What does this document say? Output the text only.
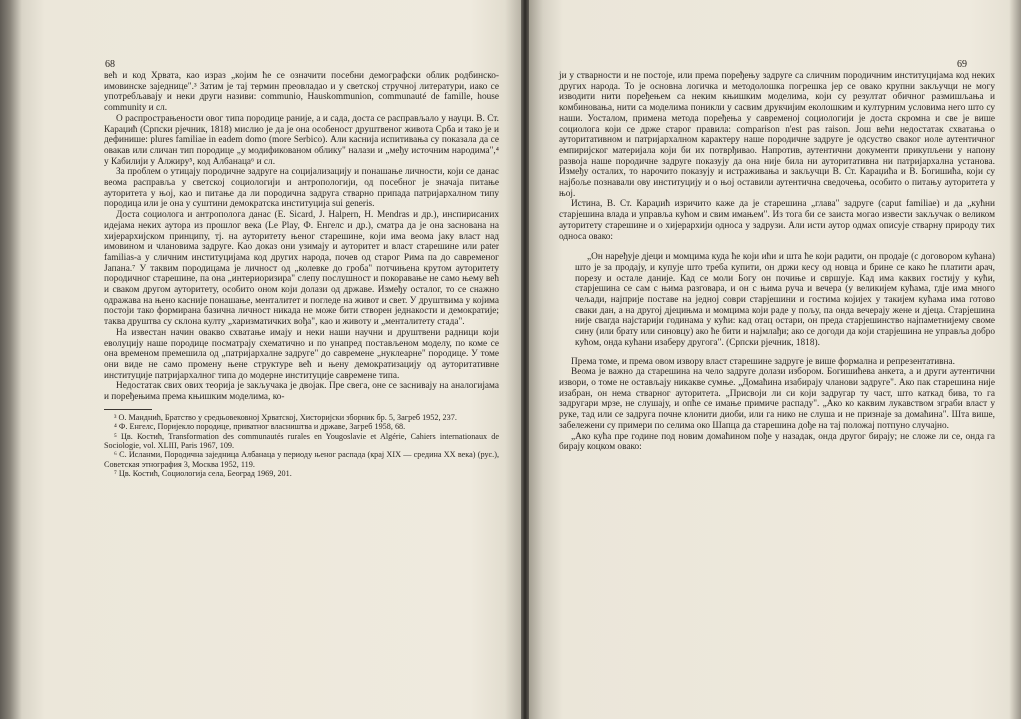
68

већ и код Хрвата, као израз „којим ће се означити посебни демографски облик родбинско-имовинске заједнице".³ Затим је тај термин преовладао и у светској стручној литератури, иако се употребљавају и неки други називи: communio, Hauskommunion, communauté de famille, house community и сл.

О распрострањености овог типа породице раније, а и сада, доста се расправљало у науци. В. Ст. Караџић (Српски рјечник, 1818) мислио је да је она особеност друштвеног живота Срба и тако је и дефинише: plures familiae in eadem domo (more Serbico). Али каснија испитивања су показала да се овакав или сличан тип породице „у модификованом облику" налази и „међу источним народима",⁴ у Кабилији у Алжиру⁵, код Албанаца⁶ и сл.

За проблем о утицају породичне задруге на социјализацију и понашање личности, који се данас веома расправља у светској социологији и антропологији, од посебног је значаја питање ауторитета у њој, као и питање да ли породична задруга стварно припада патријархалном типу породица или је она у суштини демократска институција sui generis.

Доста социолога и антрополога данас (E. Sicard, J. Halpern, H. Mendras и др.), инспирисаних идејама неких аутора из прошлог века (Le Play, Ф. Енгелс и др.), сматра да је она заснована на хијерархијском принципу, тј. на ауторитету њеног старешине, који има веома јаку власт над имовином и члановима задруге. Као доказ они узимају и ауторитет и власт старешине или pater familias-а у сличним институцијама код других народа, почев од старог Рима па до савременог Јапана.⁷ У таквим породицама је личност од „колевке до гроба" потчињена крутом ауторитету породичног старешине, па она „интериоризира" слепу послушност и покоравање не само њему већ и сваком другом ауторитету, особито оном који долази од државе. Између осталог, то се снажно одражава на њено касније понашање, менталитет и погледе на живот и свет. У друштвима у којима постоји тако формирана базична личност никада не може бити створен једнакости и демократије; таква друштва су склона култу „харизматичких вођа", као и животу и „менталитету стада".

На известан начин овакво схватање имају и неки наши научни и друштвени радници који еволуцију наше породице посматрају схематично и по унапред постављеном моделу, по коме се она временом премешила од „патријархалне задруге" до савремене „нуклеарне" породице. У томе они виде не само промену њене структуре већ и њену демократизацију од ауторитативне институције патријархалног типа до модерне институције савремене типа.

Недостатак свих ових теорија је закључака је двојак. Пре свега, оне се заснивају на аналогијама и поређењима према књишким моделима, ко-

³ О. Манднић, Братство у средњовековној Хрватској, Хисторијски зборник бр. 5, Загреб 1952, 237.

⁴ Ф. Енгелс, Поријекло породице, приватног власништва и државе, Загреб 1958, 68.

⁵ Цв. Костић, Transformation des communautés rurales en Yougoslavie et Algérie, Cahiers internationaux de Sociologie, vol. XLIII, Paris 1967, 109.

⁶ С. Исланми, Породична заједница Албанаца у периоду њеног распада (крај XIX — средина XX века) (рус.), Советская этнография 3, Москва 1952, 119.

⁷ Цв. Костић, Социологија села, Београд 1969, 201.

69

ји у стварности и не постоје, или према поређењу задруге са сличним породичним институцијама код неких других народа. То је основна логичка и методолошка погрешка јер се овако крупни закључци не могу изводити нити поређењем са неким књишким моделима, који су резултат обичног размишљања и комбиновања, нити са моделима поникли у сасвим друкчијим еколошким и културним условима него што су наши. Уосталом, примена метода поређења у савременој социологији је доста скромна и све је више социолога који се држе старог правила: comparison n'est pas raison. Још већи недостатак схватања о ауторитативном и патријархалном карактеру наше породичне задруге је одсуство сваког иоле аутентичног емпиријског материјала који би их потврђивао. Напротив, аутентични документи прикупљени у напону развоја наше породичне задруге показују да она није била ни ауторитативна ни патријархална установа. Између осталих, то нарочито показују и истраживања и закључци В. Ст. Караџића и В. Богишића, који су најбоље познавали ову институцију и о њој оставили аутентична сведочења, особито о питању ауторитета у њој.

Истина, В. Ст. Караџић изричито каже да је старешина „глава" задруге (caput familiae) и да „кућни старјешина влада и управља кућом и свим имањем". Из тога би се заиста могао извести закључак о великом ауторитету старешине и о хијерархији односа у задрузи. Али исти аутор одмах описује стварну природу тих односа овако:

„Он наређује дјеци и момцима куда ће који ићи и шта ће који радити, он продаје (с договором кућана) што је за продају, и купује што треба купити, он држи кесу од новца и брине се како ће платити арач, порезу и остале даније. Кад се моли Богу он почиње и свршује. Кад има каквих гостију у кући, старјешина се сам с њима разговара, и он с њима руча и вечера (у великијем кућама, гдје има много чељади, најприје поставе на једној соври старјешини и гостима којијех у такијем кућама има готово сваки дан, а на другој дјецињма и момцима који раде у пољу, па онда вечерају жене и дјеца. Старјешина није свагда најстарији годинама у кући: кад отац остари, он преда старјешинство најпаметнијему своме сину (или брату или синовцу) ако ће бити и најмлађи; ако се догоди да који старјешина не управља добро кућом, онда кућани изаберу другога". (Српски рјечник, 1818).

Према томе, и према овом извору власт старешине задруге је више формална и репрезентативна.

Веома је важно да старешина на чело задруге долази избором. Богишићева анкета, а и други аутентични извори, о томе не остављају никакве сумње. „Домаћина изабирају чланови задруге". Ако пак старешина није изабран, он нема стварног ауторитета. „Присвоји ли си који задругар ту част, што каткад бива, то га задругари мрзе, не слушају, и опће се имање примиче распаду". „Ако ко каквим лукавством зграби власт у руке, тад или се задруга почне клонити диоби, или га нико не слуша и не признаје за домаћина". Шта више, забележени су примери по селима око Шапца да старешина дође на тај положај потпуно случајно.

„Ако кућа пре године под новим домаћином пође у назадак, онда другог бирају; не сложе ли се, онда га бирају коцком овако:
